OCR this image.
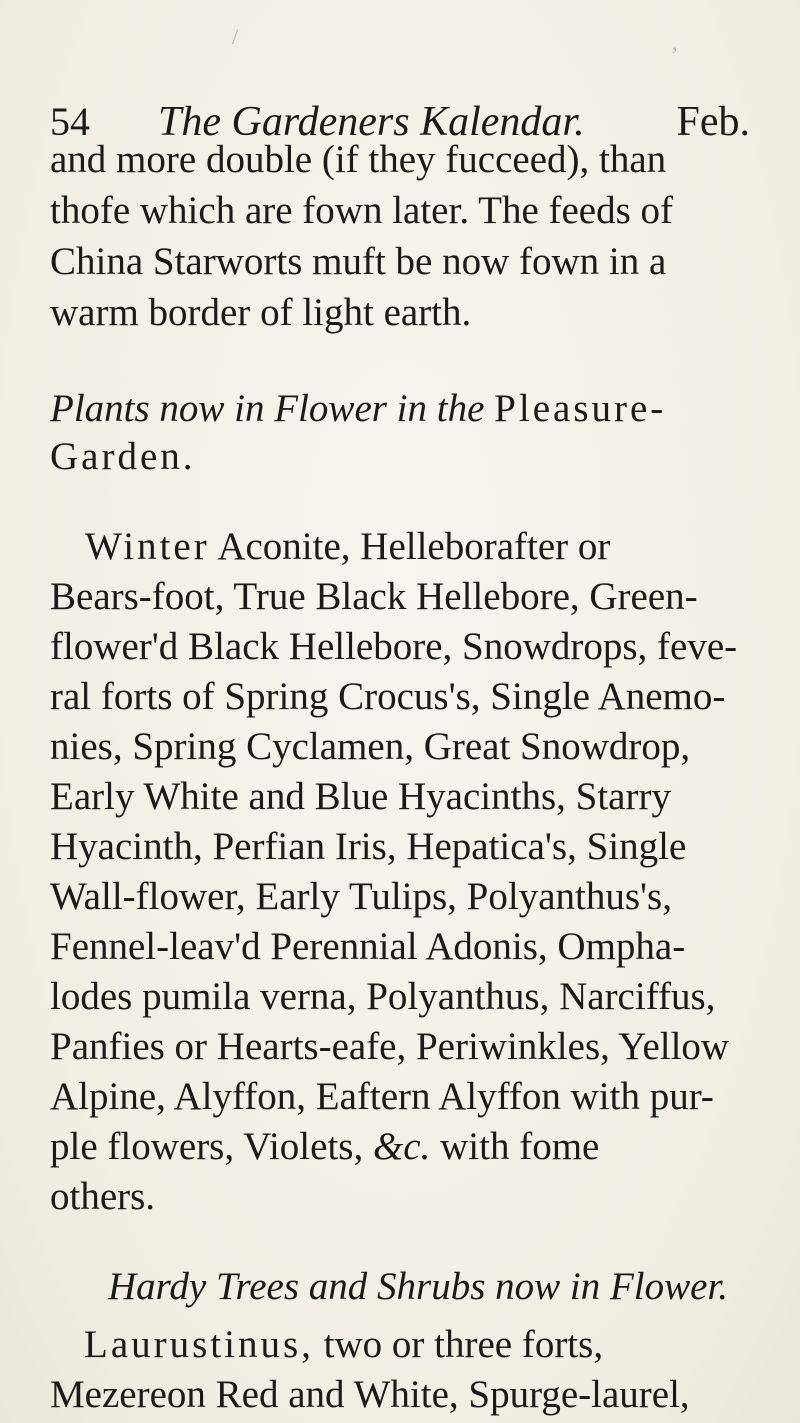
/	,
54 The Gardeners Kalendar. Feb.
and more double (if they fucceed), than
thofe which are fown later. The feeds of
China Starworts muft be now fown in a
warm border of light earth.
Plants now in Flower in the Pleasure-
Garden.
Winter Aconite, Helleborafter or
Bears-foot, True Black Hellebore, Green-
flower'd Black Hellebore, Snowdrops, feve-
ral forts of Spring Crocus's, Single Anemo-
nies, Spring Cyclamen, Great Snowdrop,
Early White and Blue Hyacinths, Starry
Hyacinth, Perfian Iris, Hepatica's, Single
Wall-flower, Early Tulips, Polyanthus's,
Fennel-leav'd Perennial Adonis, Ompha-
lodes pumila verna, Polyanthus, Narciffus,
Panfies or Hearts-eafe, Periwinkles, Yellow
Alpine, Alyffon, Eaftern Alyffon with pur-
ple flowers, Violets, &c. with fome
others.
Hardy Trees and Shrubs now in Flower.
Laurustinus, two or three forts,
Mezereon Red and White, Spurge-laurel,
